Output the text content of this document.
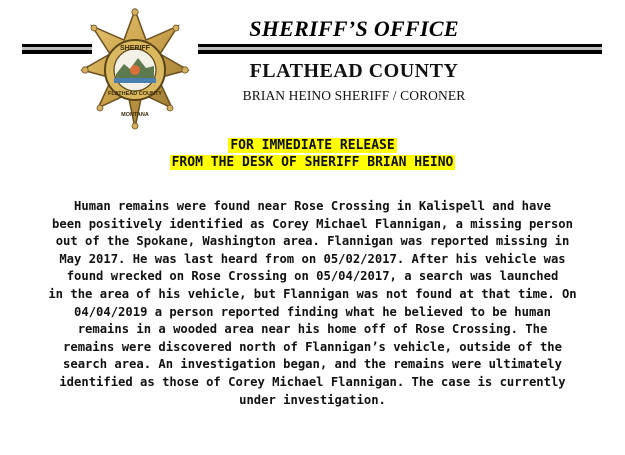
SHERIFF
FLATHEAD COUNTY
MONTANA
SHERIFF’S OFFICE
FLATHEAD COUNTY
BRIAN HEINO SHERIFF / CORONER
FOR IMMEDIATE RELEASE
FROM THE DESK OF SHERIFF BRIAN HEINO
Human remains were found near Rose Crossing in Kalispell and have
been positively identified as Corey Michael Flannigan, a missing person
out of the Spokane, Washington area. Flannigan was reported missing in
May 2017. He was last heard from on 05/02/2017. After his vehicle was
found wrecked on Rose Crossing on 05/04/2017, a search was launched
in the area of his vehicle, but Flannigan was not found at that time. On
04/04/2019 a person reported finding what he believed to be human
remains in a wooded area near his home off of Rose Crossing. The
remains were discovered north of Flannigan’s vehicle, outside of the
search area. An investigation began, and the remains were ultimately
identified as those of Corey Michael Flannigan. The case is currently
under investigation.
